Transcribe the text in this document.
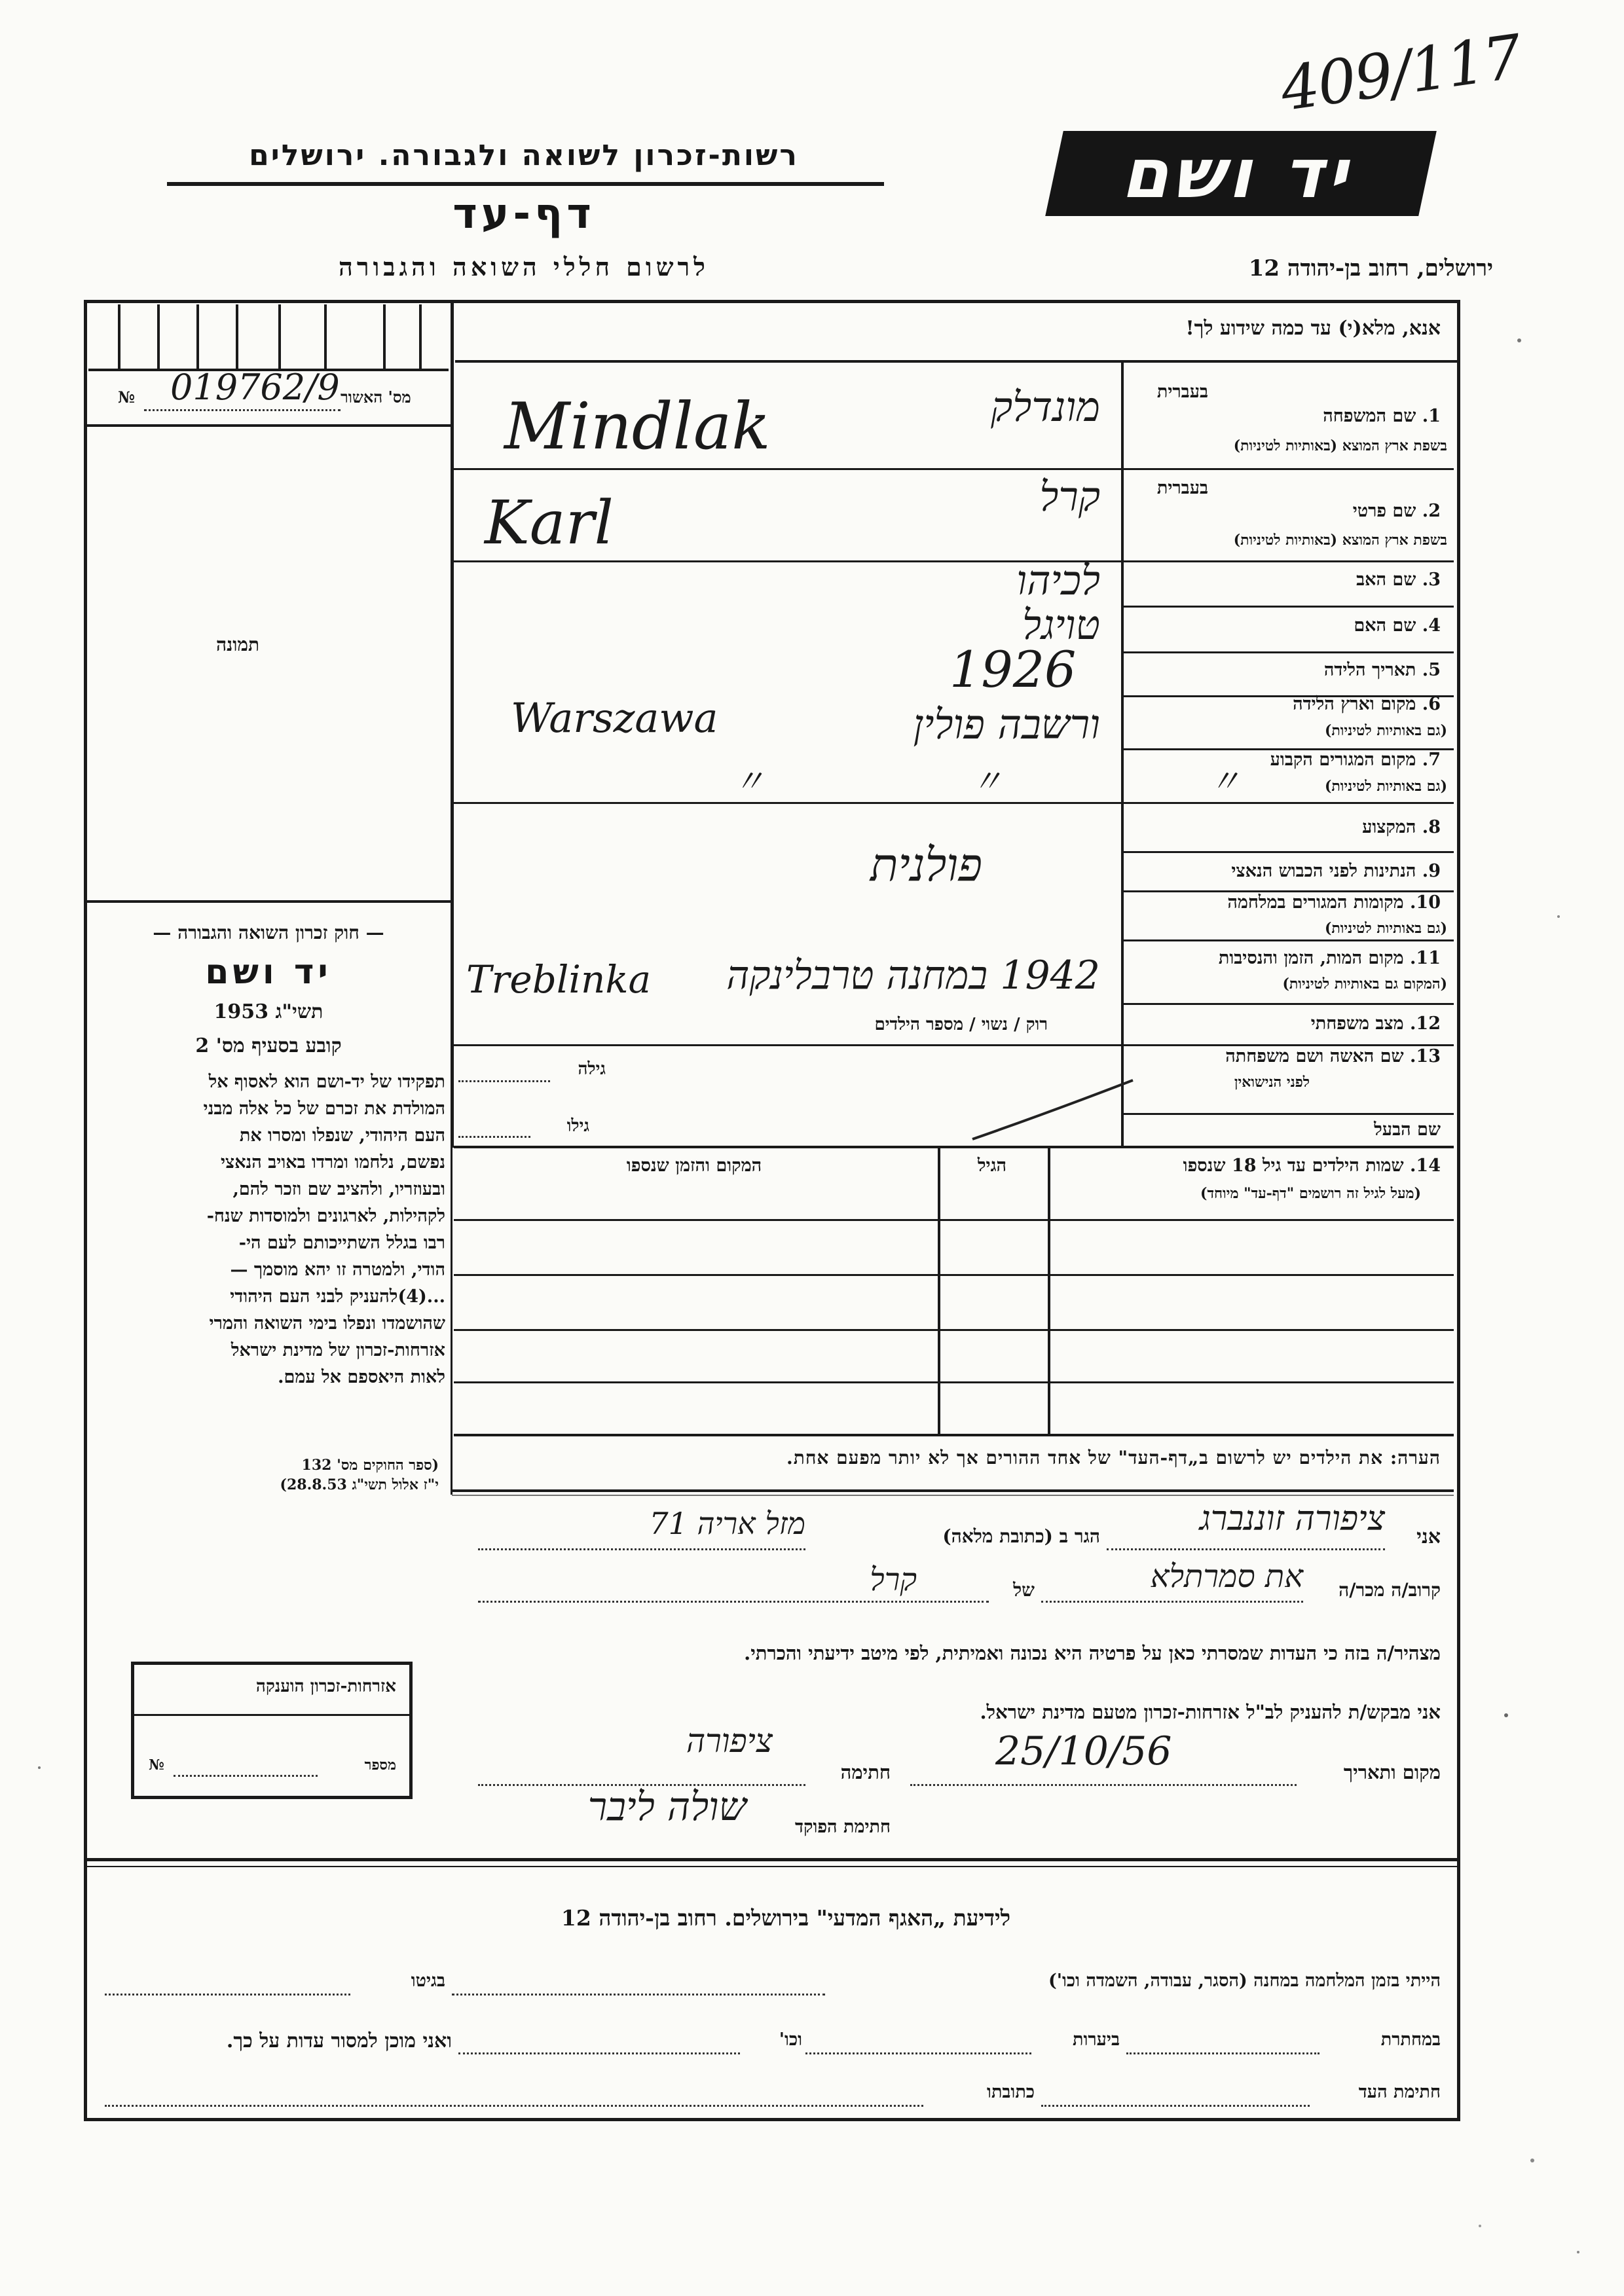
409/117
יד ושם
רשות-זכרון לשואה ולגבורה. ירושלים
דף-עד
לרשום חללי השואה והגבורה	ירושלים, רחוב בן-יהודה 12
אנא, מלא(י) עד כמה שידוע לך!
№ 019762/9 מס' האשור
תמונה
— חוק זכרון השואה והגבורה —
יד ושם
1953 תשי"ג
קובע בסעיף מס' 2
תפקידו של יד-ושם הוא לאסוף אל
המולדת את זכרם של כל אלה מבני
העם היהודי, שנפלו ומסרו את
נפשם, נלחמו ומרדו באויב הנאצי
ובעוזריו, ולהציב שם וזכר להם,
לקהילות, לארגונים ולמוסדות שנח-
רבו בגלל השתייכותם לעם הי-
הודי, ולמטרה זו יהא מוסמך —
...(4)להעניק לבני העם היהודי
שהושמדו ונפלו בימי השואה והמרי
אזרחות-זכרון של מדינת ישראל
לאות היאספם אל עמם.
(ספר החוקים מס' 132
י"ז אלול תשי"ג 28.8.53)
בעברית
1. שם המשפחה
בשפת ארץ המוצא (באותיות לטיניות)
Mindlak	מונדלק
בעברית
2. שם פרטי
בשפת ארץ המוצא (באותיות לטיניות)
Karl	קרל
3. שם האב
לכיהו
4. שם האם
טויגל
5. תאריך הלידה
1926
6. מקום וארץ הלידה
(גם באותיות לטיניות)
Warszawa	ורשבה פולין
7. מקום המגורים הקבוע
(גם באותיות לטיניות)
〃 〃 〃
8. המקצוע
9. הנתינות לפני הכבוש הנאצי
פולנית
10. מקומות המגורים במלחמה
(גם באותיות לטיניות)
11. מקום המות, הזמן והנסיבות
(המקום גם באותיות לטיניות)
Treblinka	1942 במחנה טרבלינקה
12. מצב משפחתי
רוק / נשוי / מספר הילדים
13. שם האשה ושם משפחתה
לפני הנישואין
גילה
שם הבעל
גילו
14. שמות הילדים עד גיל 18 שנספו
(מעל לגיל זה רושמים "דף-עד" מיוחד)
הגיל
המקום והזמן שנספו
הערה: את הילדים יש לרשום ב„דף-העד" של אחד ההורים אך לא יותר מפעם אחת.
אני
ציפורה זוננברג
הגר ב (כתובת מלאה)
מזל אריה 71
קרוב/ה מכר/ה
את סמרתלא
של
קרל
מצהיר/ה בזה כי העדות שמסרתי כאן על פרטיה היא נכונה ואמיתית, לפי מיטב ידיעתי והכרתי.
אני מבקש/ת להעניק לב"ל אזרחות-זכרון מטעם מדינת ישראל.
מקום ותאריך
25/10/56
חתימה
ציפורה
חתימת הפוקד
שולה ליבר
אזרחות-זכרון הוענקה
№	מספר
לידיעת „האגף המדעי" בירושלים. רחוב בן-יהודה 12
הייתי בזמן המלחמה במחנה (הסגר, עבודה, השמדה וכו')
בגיטו
במחתרת
ביערות
וכו'
ואני מוכן למסור עדות על כך.
חתימת העד
כתובתו
